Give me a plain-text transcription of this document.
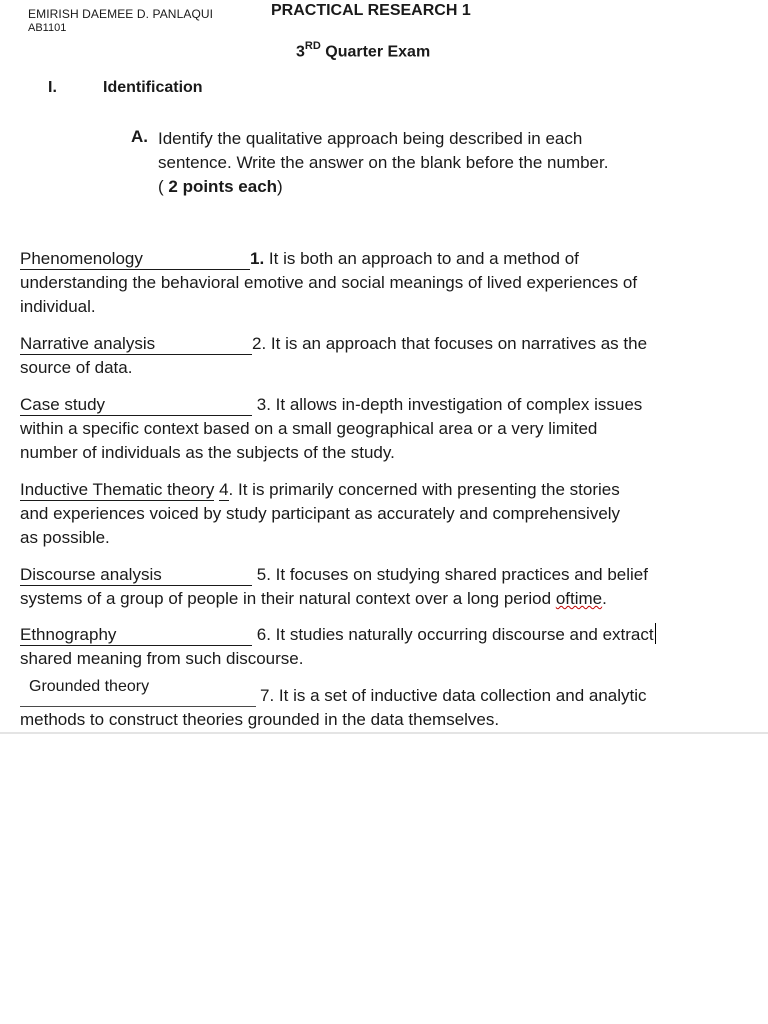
EMIRISH DAEMEE D. PANLAQUI
AB1101
PRACTICAL RESEARCH 1
3RD Quarter Exam
I.	Identification
A. Identify the qualitative approach being described in each
sentence. Write the answer on the blank before the number.
( 2 points each)
Phenomenology	1. It is both an approach to and a method of
understanding the behavioral emotive and social meanings of lived experiences of
individual.
Narrative analysis	2. It is an approach that focuses on narratives as the
source of data.
Case study	3. It allows in-depth investigation of complex issues
within a specific context based on a small geographical area or a very limited
number of individuals as the subjects of the study.
Inductive Thematic theory 4. It is primarily concerned with presenting the stories
and experiences voiced by study participant as accurately and comprehensively
as possible.
Discourse analysis	5. It focuses on studying shared practices and belief
systems of a group of people in their natural context over a long period oftime.
Ethnography	6. It studies naturally occurring discourse and extract
shared meaning from such discourse.
Grounded theory	7. It is a set of inductive data collection and analytic
methods to construct theories grounded in the data themselves.
